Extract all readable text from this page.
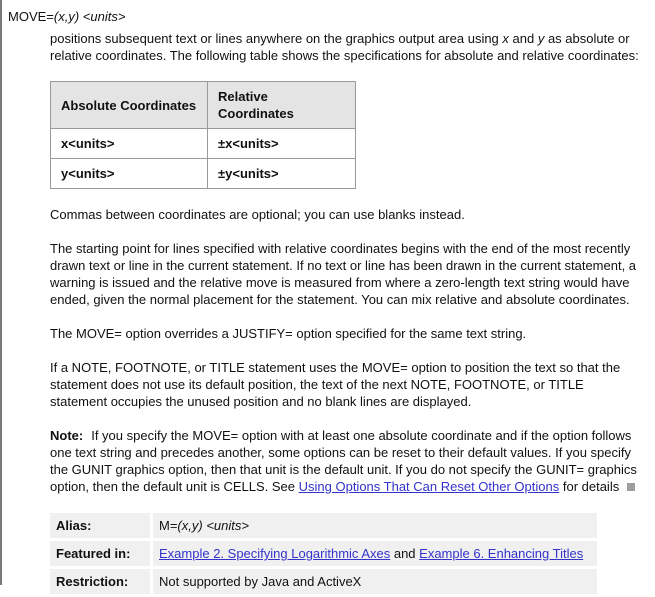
MOVE=(x,y) <units>

positions subsequent text or lines anywhere on the graphics output area using x and y as absolute or relative coordinates. The following table shows the specifications for absolute and relative coordinates:

Absolute Coordinates	Relative Coordinates
x<units>	±x<units>
y<units>	±y<units>

Commas between coordinates are optional; you can use blanks instead.

The starting point for lines specified with relative coordinates begins with the end of the most recently drawn text or line in the current statement. If no text or line has been drawn in the current statement, a warning is issued and the relative move is measured from where a zero-length text string would have ended, given the normal placement for the statement. You can mix relative and absolute coordinates.

The MOVE= option overrides a JUSTIFY= option specified for the same text string.

If a NOTE, FOOTNOTE, or TITLE statement uses the MOVE= option to position the text so that the statement does not use its default position, the text of the next NOTE, FOOTNOTE, or TITLE statement occupies the unused position and no blank lines are displayed.

Note: If you specify the MOVE= option with at least one absolute coordinate and if the option follows one text string and precedes another, some options can be reset to their default values. If you specify the GUNIT graphics option, then that unit is the default unit. If you do not specify the GUNIT= graphics option, then the default unit is CELLS. See Using Options That Can Reset Other Options for details

Alias:	M=(x,y) <units>
Featured in:	Example 2. Specifying Logarithmic Axes and Example 6. Enhancing Titles
Restriction:	Not supported by Java and ActiveX
